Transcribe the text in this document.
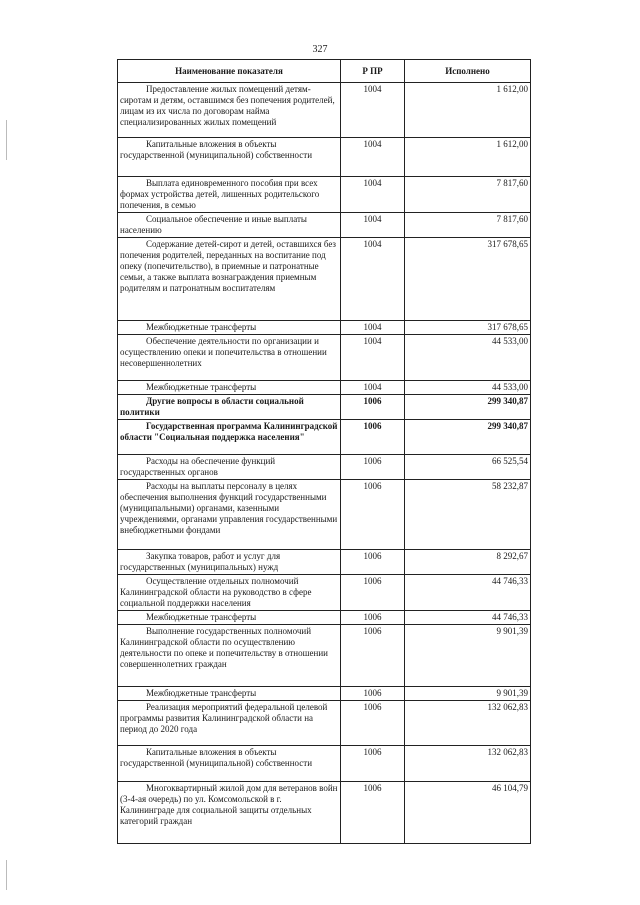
327
Наименование показателя	Р ПР	Исполнено
Предоставление жилых помещений детям-сиротам и детям, оставшимся без попечения родителей, лицам из их числа по договорам найма специализированных жилых помещений	1004	1 612,00
Капитальные вложения в объекты государственной (муниципальной) собственности	1004	1 612,00
Выплата единовременного пособия при всех формах устройства детей, лишенных родительского попечения, в семью	1004	7 817,60
Социальное обеспечение и иные выплаты населению	1004	7 817,60
Содержание детей-сирот и детей, оставшихся без попечения родителей, переданных на воспитание под опеку (попечительство), в приемные и патронатные семьи, а также выплата вознаграждения приемным родителям и патронатным воспитателям	1004	317 678,65
Межбюджетные трансферты	1004	317 678,65
Обеспечение деятельности по организации и осуществлению опеки и попечительства в отношении несовершеннолетних	1004	44 533,00
Межбюджетные трансферты	1004	44 533,00
Другие вопросы в области социальной политики	1006	299 340,87
Государственная программа Калининградской области "Социальная поддержка населения"	1006	299 340,87
Расходы на обеспечение функций государственных органов	1006	66 525,54
Расходы на выплаты персоналу в целях обеспечения выполнения функций государственными (муниципальными) органами, казенными учреждениями, органами управления государственными внебюджетными фондами	1006	58 232,87
Закупка товаров, работ и услуг для государственных (муниципальных) нужд	1006	8 292,67
Осуществление отдельных полномочий Калининградской области на руководство в сфере социальной поддержки населения	1006	44 746,33
Межбюджетные трансферты	1006	44 746,33
Выполнение государственных полномочий Калининградской области по осуществлению деятельности по опеке и попечительству в отношении совершеннолетних граждан	1006	9 901,39
Межбюджетные трансферты	1006	9 901,39
Реализация мероприятий федеральной целевой программы развития Калининградской области на период до 2020 года	1006	132 062,83
Капитальные вложения в объекты государственной (муниципальной) собственности	1006	132 062,83
Многоквартирный жилой дом для ветеранов войн (3-4-ая очередь) по ул. Комсомольской в г. Калининграде для социальной защиты отдельных категорий граждан	1006	46 104,79
